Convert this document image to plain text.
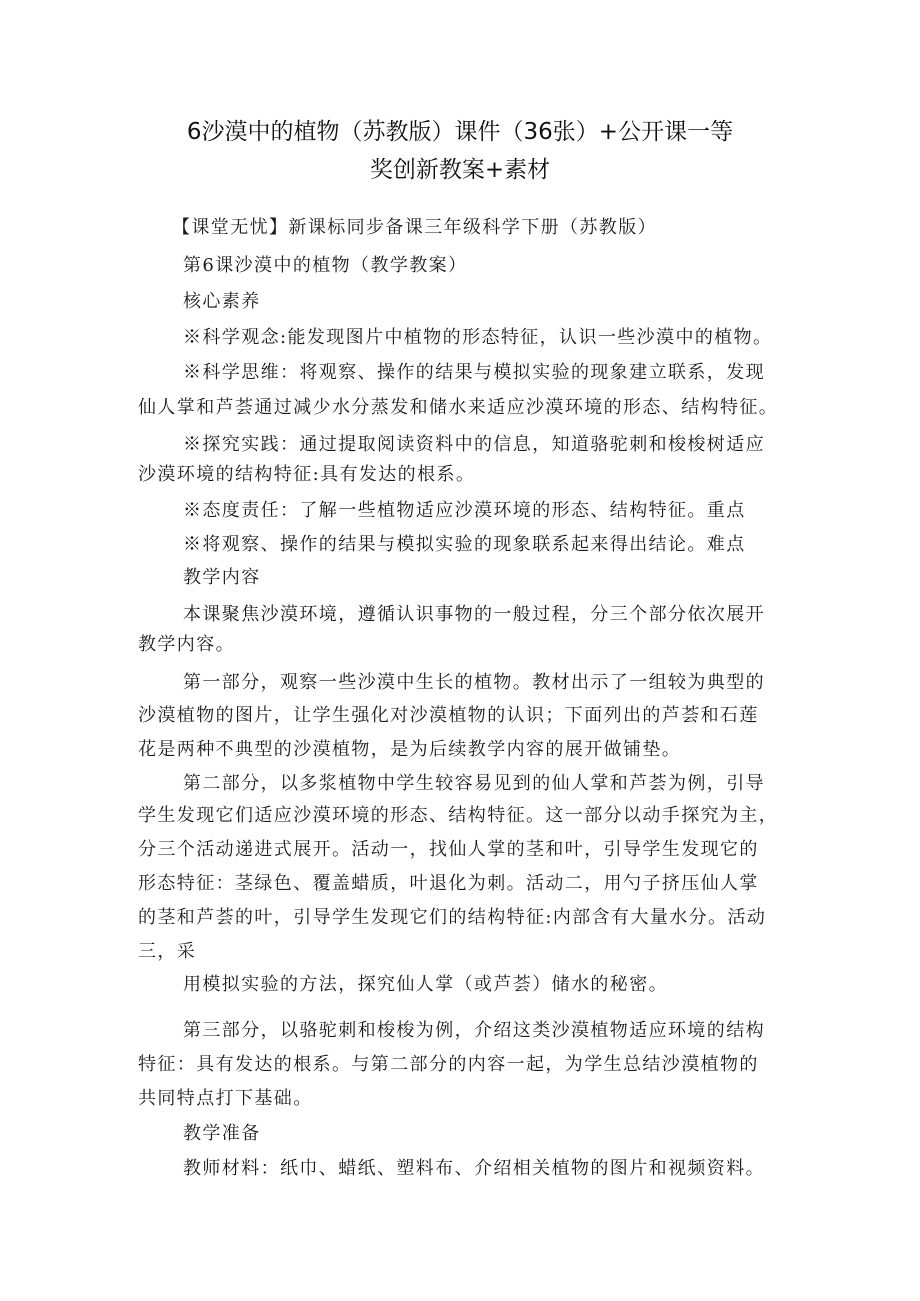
6沙漠中的植物（苏教版）课件（36张）+公开课一等
奖创新教案+素材
【课堂无忧】新课标同步备课三年级科学下册（苏教版）
第6课沙漠中的植物（教学教案）
核心素养
※科学观念:能发现图片中植物的形态特征，认识一些沙漠中的植物。
※科学思维：将观察、操作的结果与模拟实验的现象建立联系，发现
仙人掌和芦荟通过减少水分蒸发和储水来适应沙漠环境的形态、结构特征。
※探究实践：通过提取阅读资料中的信息，知道骆驼刺和梭梭树适应
沙漠环境的结构特征:具有发达的根系。
※态度责任：了解一些植物适应沙漠环境的形态、结构特征。重点
※将观察、操作的结果与模拟实验的现象联系起来得出结论。难点
教学内容
本课聚焦沙漠环境，遵循认识事物的一般过程，分三个部分依次展开
教学内容。
第一部分，观察一些沙漠中生长的植物。教材出示了一组较为典型的
沙漠植物的图片，让学生强化对沙漠植物的认识；下面列出的芦荟和石莲
花是两种不典型的沙漠植物，是为后续教学内容的展开做铺垫。
第二部分，以多浆植物中学生较容易见到的仙人掌和芦荟为例，引导
学生发现它们适应沙漠环境的形态、结构特征。这一部分以动手探究为主，
分三个活动递进式展开。活动一，找仙人掌的茎和叶，引导学生发现它的
形态特征：茎绿色、覆盖蜡质，叶退化为刺。活动二，用勺子挤压仙人掌
的茎和芦荟的叶，引导学生发现它们的结构特征:内部含有大量水分。活动
三，采
用模拟实验的方法，探究仙人掌（或芦荟）储水的秘密。
第三部分，以骆驼刺和梭梭为例，介绍这类沙漠植物适应环境的结构
特征：具有发达的根系。与第二部分的内容一起，为学生总结沙漠植物的
共同特点打下基础。
教学准备
教师材料：纸巾、蜡纸、塑料布、介绍相关植物的图片和视频资料。
